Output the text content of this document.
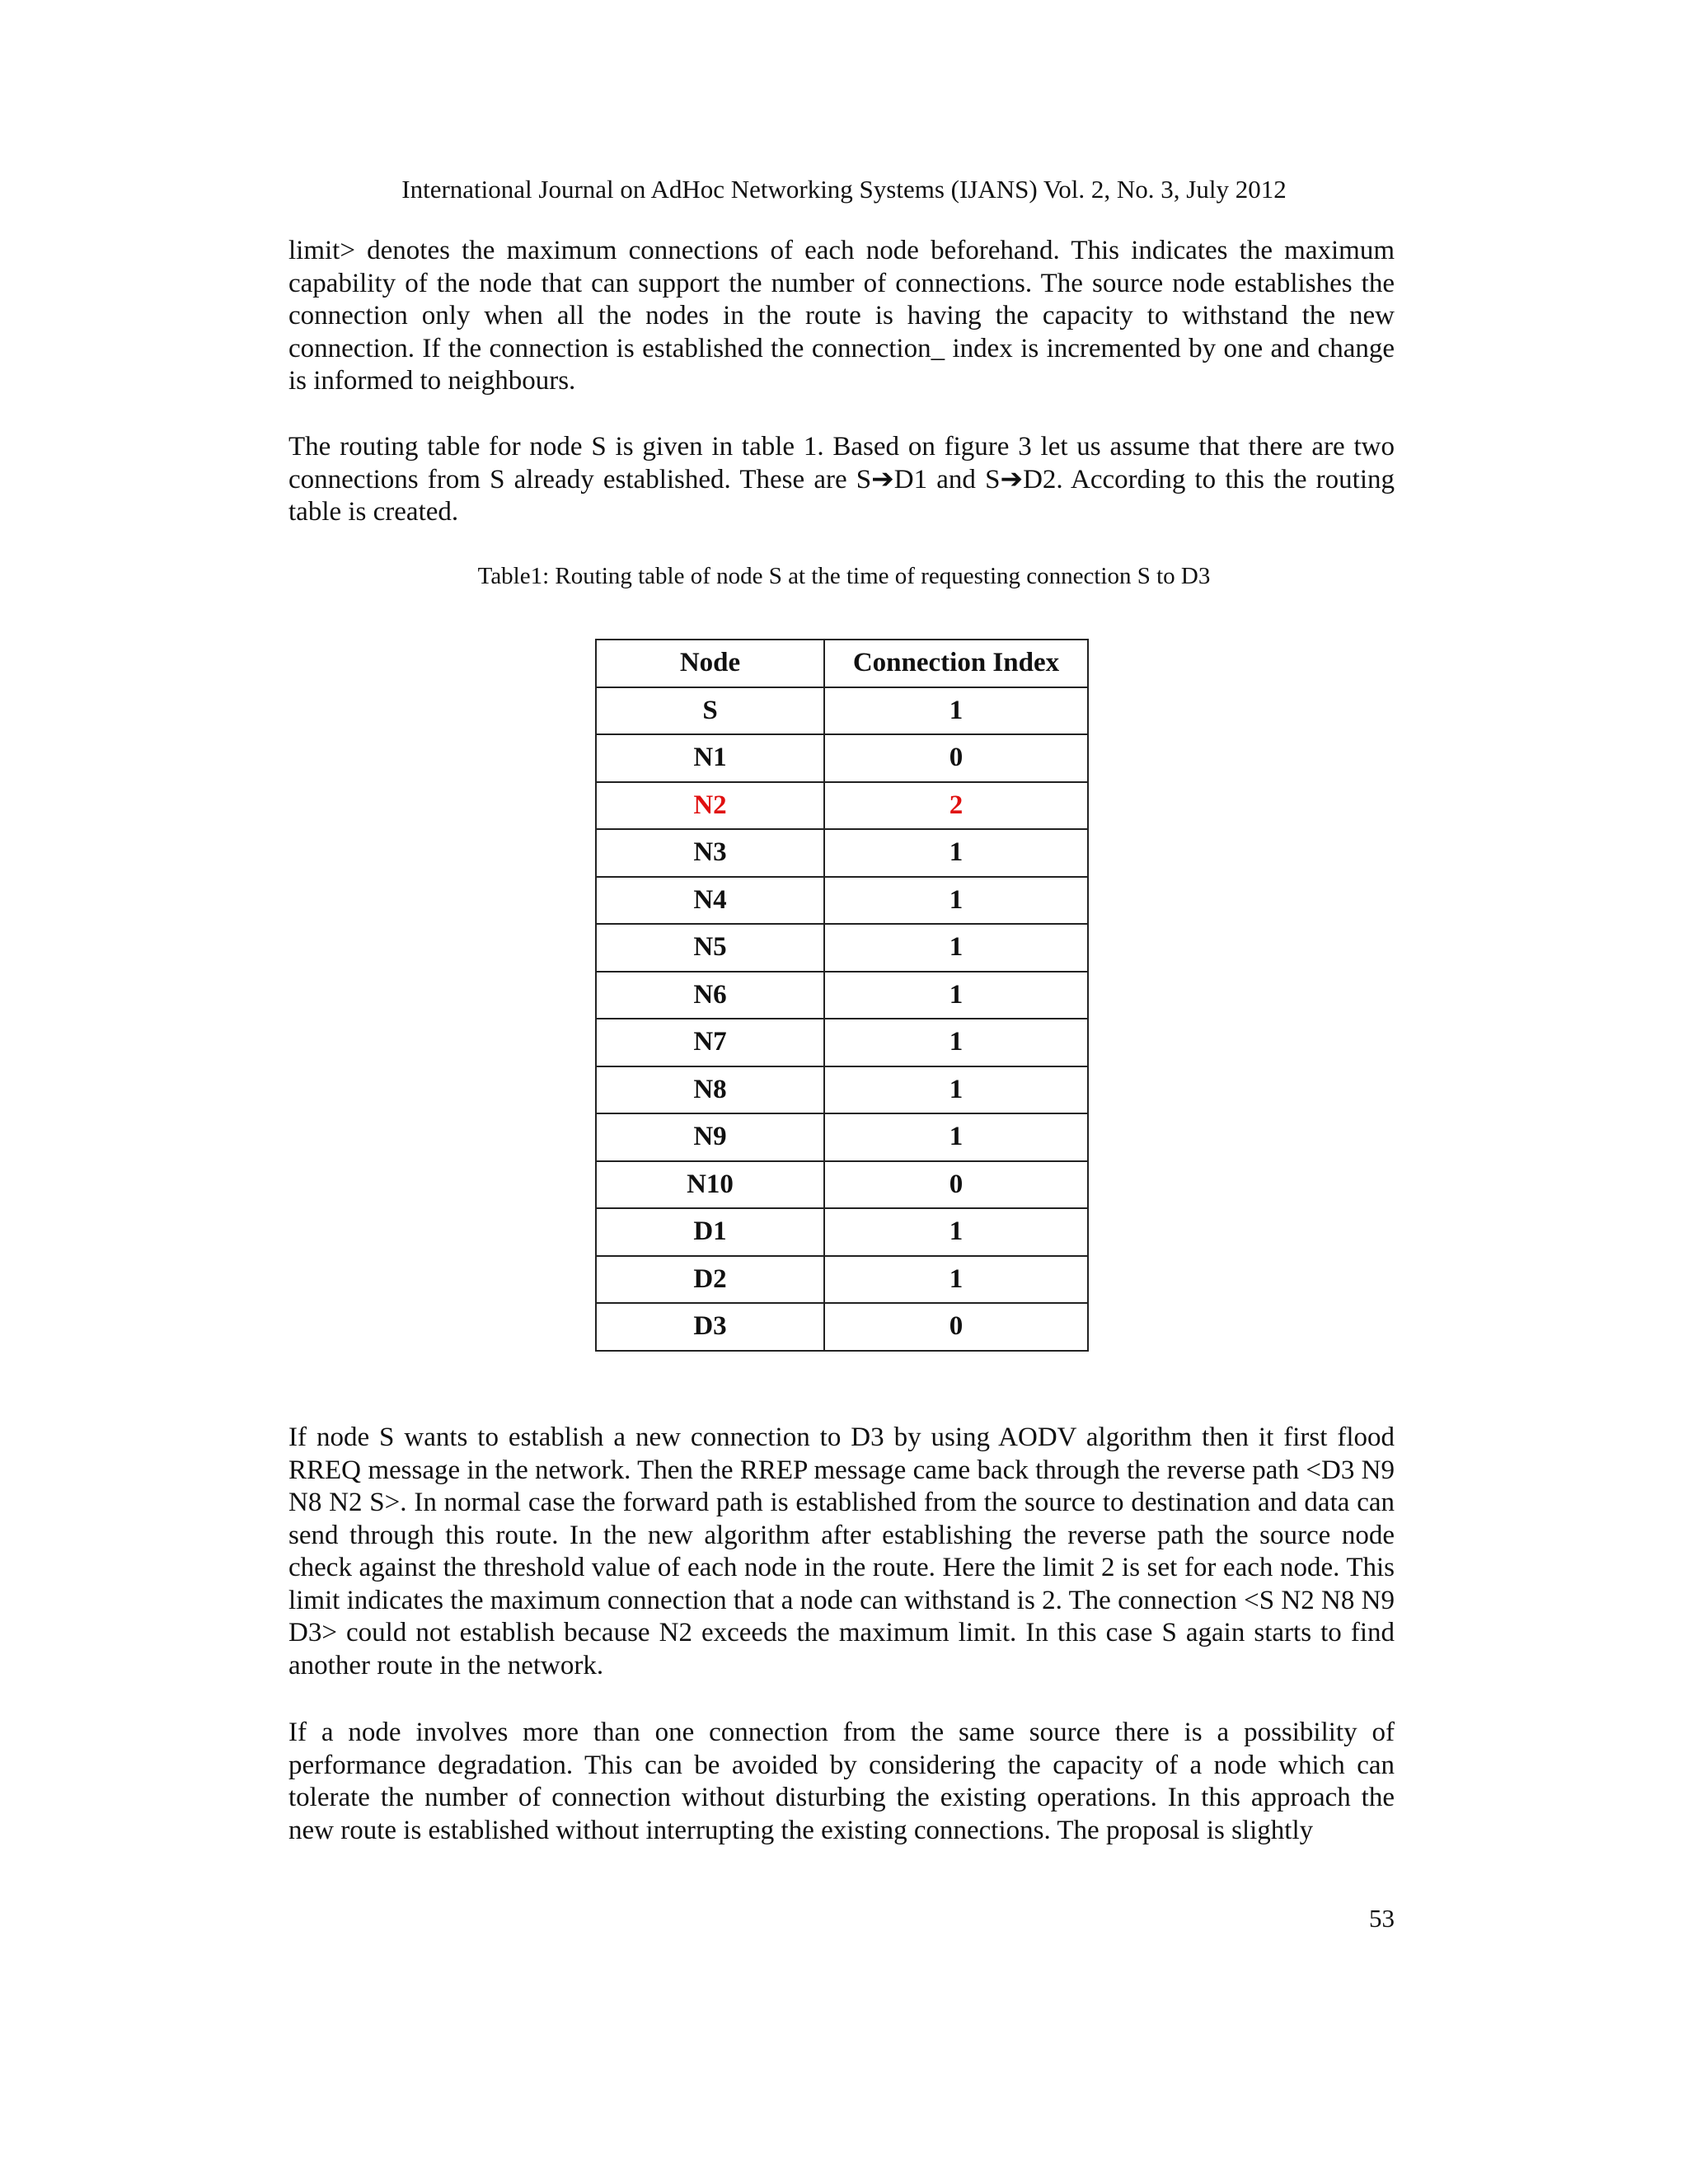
International Journal on AdHoc Networking Systems (IJANS) Vol. 2, No. 3, July 2012

limit> denotes the maximum connections of each node beforehand. This indicates the maximum capability of the node that can support the number of connections. The source node establishes the connection only when all the nodes in the route is having the capacity to withstand the new connection. If the connection is established the connection_ index is incremented by one and change is informed to neighbours.

The routing table for node S is given in table 1. Based on figure 3 let us assume that there are two connections from S already established. These are S➔D1 and S➔D2. According to this the routing table is created.

Table1: Routing table of node S at the time of requesting connection S to D3
Node	Connection Index
S	1
N1	0
N2	2
N3	1
N4	1
N5	1
N6	1
N7	1
N8	1
N9	1
N10	0
D1	1
D2	1
D3	0

If node S wants to establish a new connection to D3 by using AODV algorithm then it first flood RREQ message in the network. Then the RREP message came back through the reverse path <D3 N9 N8 N2 S>. In normal case the forward path is established from the source to destination and data can send through this route. In the new algorithm after establishing the reverse path the source node check against the threshold value of each node in the route. Here the limit 2 is set for each node. This limit indicates the maximum connection that a node can withstand is 2. The connection <S N2 N8 N9 D3> could not establish because N2 exceeds the maximum limit. In this case S again starts to find another route in the network.

If a node involves more than one connection from the same source there is a possibility of performance degradation. This can be avoided by considering the capacity of a node which can tolerate the number of connection without disturbing the existing operations. In this approach the new route is established without interrupting the existing connections. The proposal is slightly

53
